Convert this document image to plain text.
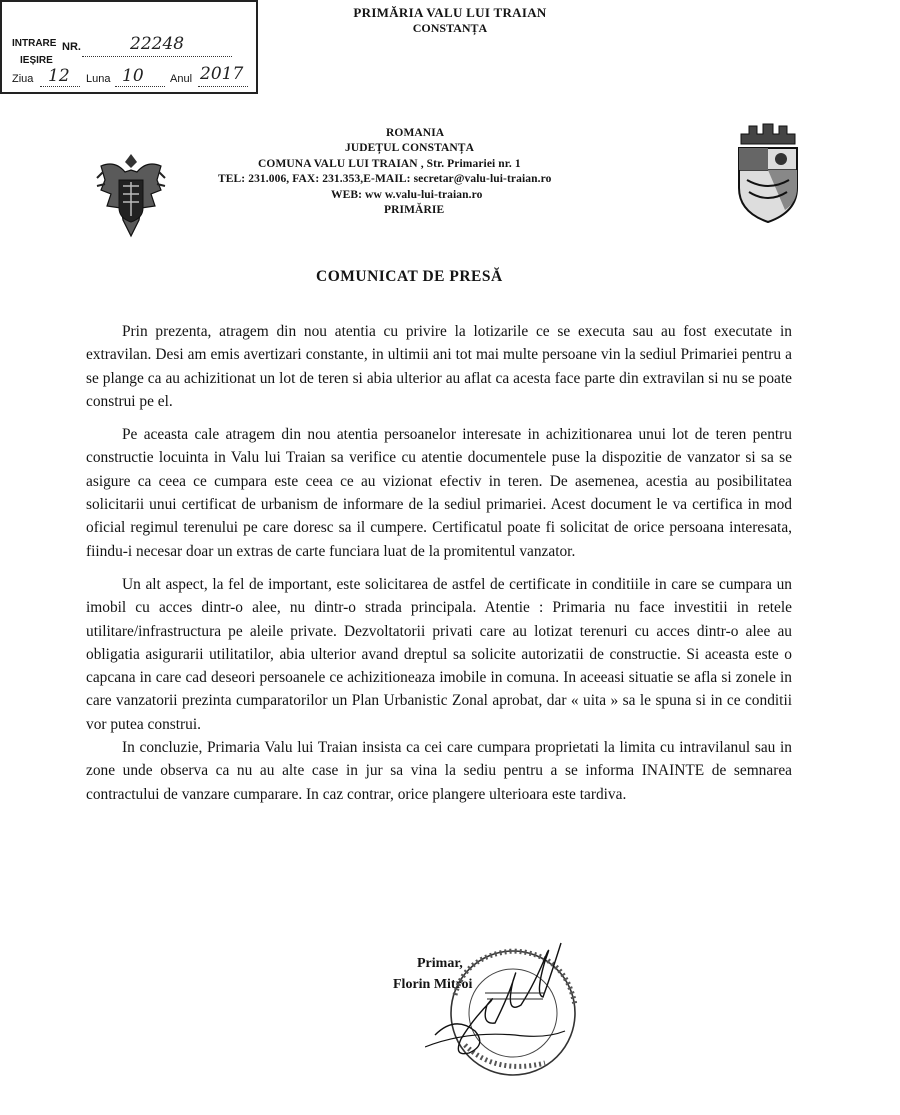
PRIMĂRIA VALU LUI TRAIAN
CONSTANȚA
INTRARE NR.	22248
IEȘIRE
Ziua 12 Luna 10 Anul 2017
ROMANIA
JUDEȚUL CONSTANȚA
COMUNA VALU LUI TRAIAN , Str. Primariei nr. 1
TEL: 231.006, FAX: 231.353,E-MAIL: secretar@valu-lui-traian.ro
WEB: ww w.valu-lui-traian.ro
PRIMĂRIE
COMUNICAT DE PRESĂ

Prin prezenta, atragem din nou atentia cu privire la lotizarile ce se executa sau au fost executate in extravilan. Desi am emis avertizari constante, in ultimii ani tot mai multe persoane vin la sediul Primariei pentru a se plange ca au achizitionat un lot de teren si abia ulterior au aflat ca acesta face parte din extravilan si nu se poate construi pe el.

Pe aceasta cale atragem din nou atentia persoanelor interesate in achizitionarea unui lot de teren pentru constructie locuinta in Valu lui Traian sa verifice cu atentie documentele puse la dispozitie de vanzator si sa se asigure ca ceea ce cumpara este ceea ce au vizionat efectiv in teren. De asemenea, acestia au posibilitatea solicitarii unui certificat de urbanism de informare de la sediul primariei. Acest document le va certifica in mod oficial regimul terenului pe care doresc sa il cumpere. Certificatul poate fi solicitat de orice persoana interesata, fiindu-i necesar doar un extras de carte funciara luat de la promitentul vanzator.

Un alt aspect, la fel de important, este solicitarea de astfel de certificate in conditiile in care se cumpara un imobil cu acces dintr-o alee, nu dintr-o strada principala. Atentie : Primaria nu face investitii in retele utilitare/infrastructura pe aleile private. Dezvoltatorii privati care au lotizat terenuri cu acces dintr-o alee au obligatia asigurarii utilitatilor, abia ulterior avand dreptul sa solicite autorizatii de constructie. Si aceasta este o capcana in care cad deseori persoanele ce achizitioneaza imobile in comuna. In aceeasi situatie se afla si zonele in care vanzatorii prezinta cumparatorilor un Plan Urbanistic Zonal aprobat, dar « uita » sa le spuna si in ce conditii vor putea construi.

In concluzie, Primaria Valu lui Traian insista ca cei care cumpara proprietati la limita cu intravilanul sau in zone unde observa ca nu au alte case in jur sa vina la sediu pentru a se informa INAINTE de semnarea contractului de vanzare cumparare. In caz contrar, orice plangere ulterioara este tardiva.

Primar,
Florin Mitroi
